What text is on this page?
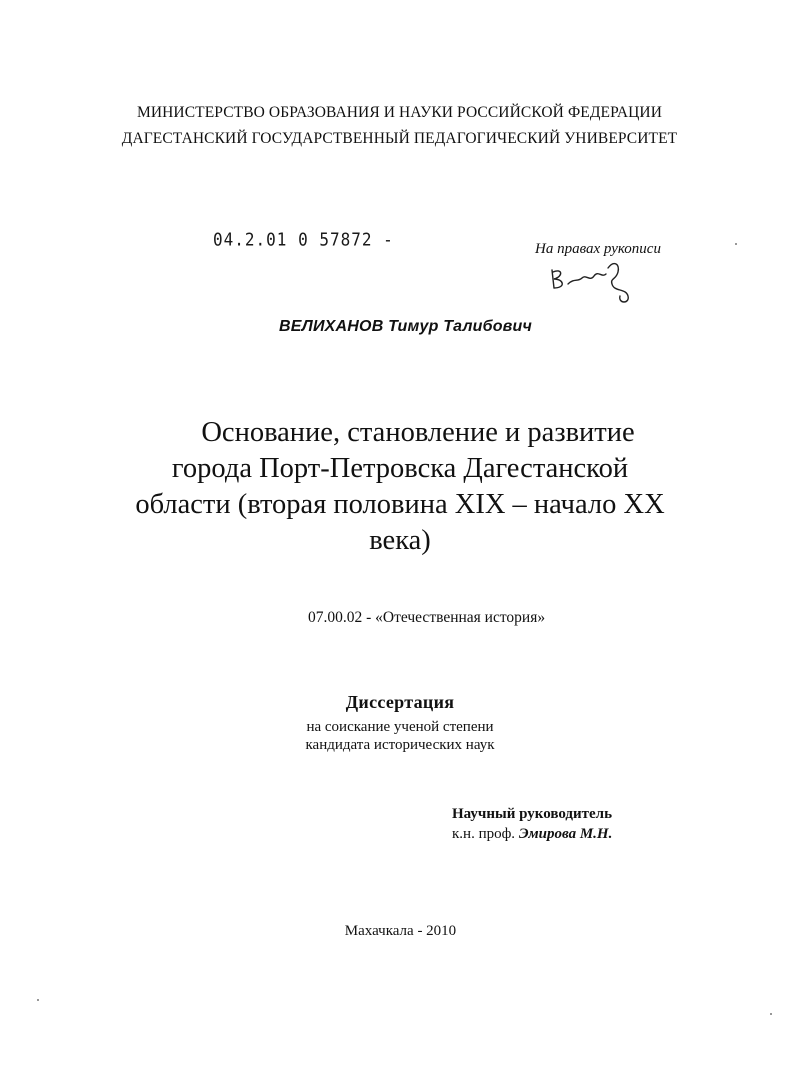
МИНИСТЕРСТВО ОБРАЗОВАНИЯ И НАУКИ РОССИЙСКОЙ ФЕДЕРАЦИИ
ДАГЕСТАНСКИЙ ГОСУДАРСТВЕННЫЙ ПЕДАГОГИЧЕСКИЙ УНИВЕРСИТЕТ
04.2.01 0 57872 -	На правах рукописи
ВЕЛИХАНОВ Тимур Талибович
Основание, становление и развитие
города Порт-Петровска Дагестанской
области (вторая половина XIX – начало XX
века)
07.00.02 - «Отечественная история»
Диссертация
на соискание ученой степени
кандидата исторических наук
Научный руководитель
к.н. проф. Эмирова М.Н.
Махачкала - 2010
